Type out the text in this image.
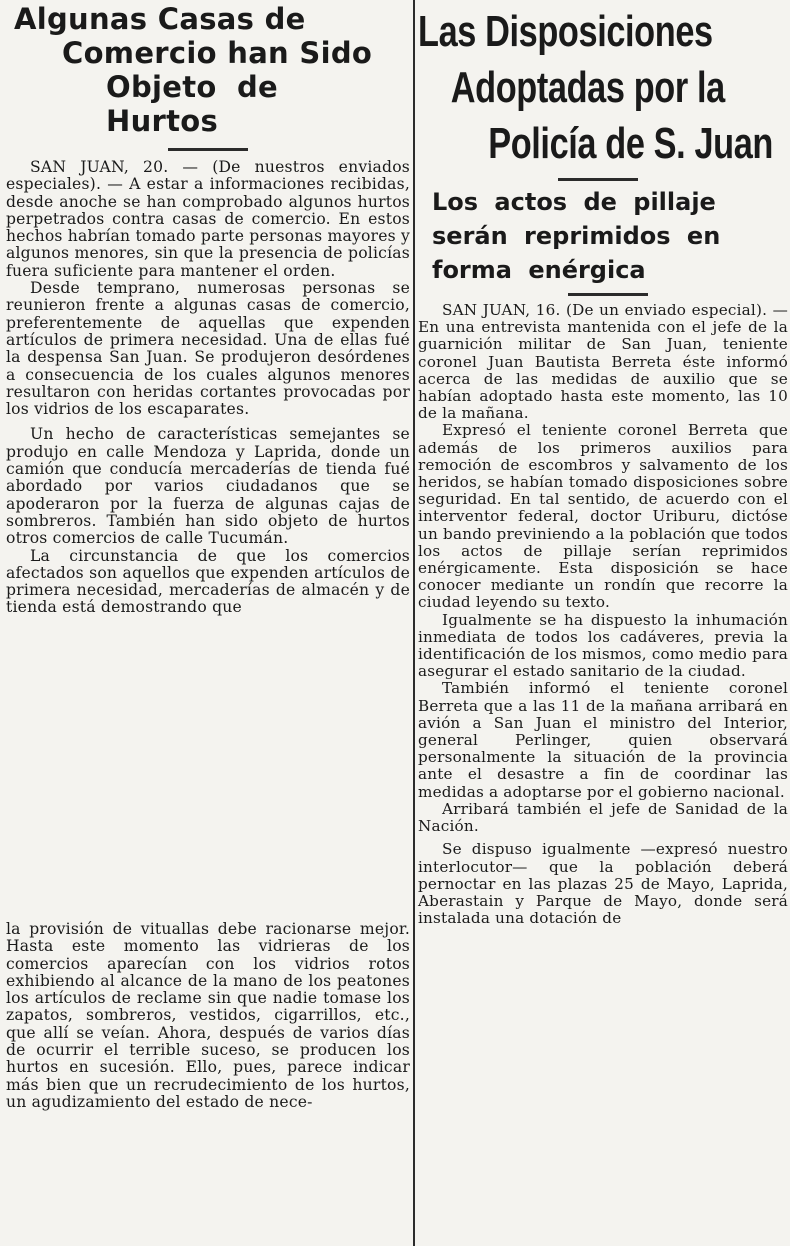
Algunas Casas de
Comercio han Sido
Objeto de Hurtos

SAN JUAN, 20. — (De nuestros enviados especiales). — A estar a informaciones recibidas, desde anoche se han comprobado algunos hurtos perpetrados contra casas de comercio. En estos hechos habrían tomado parte personas mayores y algunos menores, sin que la presencia de policías fuera suficiente para mantener el orden.

Desde temprano, numerosas personas se reunieron frente a algunas casas de comercio, preferentemente de aquellas que expenden artículos de primera necesidad. Una de ellas fué la despensa San Juan. Se produjeron desórdenes a consecuencia de los cuales algunos menores resultaron con heridas cortantes provocadas por los vidrios de los escaparates.

Un hecho de características semejantes se produjo en calle Mendoza y Laprida, donde un camión que conducía mercaderías de tienda fué abordado por varios ciudadanos que se apoderaron por la fuerza de algunas cajas de sombreros. También han sido objeto de hurtos otros comercios de calle Tucumán.

La circunstancia de que los comercios afectados son aquellos que expenden artículos de primera necesidad, mercaderías de almacén y de tienda está demostrando que

la provisión de vituallas debe racionarse mejor. Hasta este momento las vidrieras de los comercios aparecían con los vidrios rotos exhibiendo al alcance de la mano de los peatones los artículos de reclame sin que nadie tomase los zapatos, sombreros, vestidos, cigarrillos, etc., que allí se veían. Ahora, después de varios días de ocurrir el terrible suceso, se producen los hurtos en sucesión. Ello, pues, parece indicar más bien que un recrudecimiento de los hurtos, un agudizamiento del estado de nece-

Las Disposiciones
Adoptadas por la
Policía de S. Juan
Los actos de pillaje
serán reprimidos en
forma enérgica

SAN JUAN, 16. (De un enviado especial). — En una entrevista mantenida con el jefe de la guarnición militar de San Juan, teniente coronel Juan Bautista Berreta éste informó acerca de las medidas de auxilio que se habían adoptado hasta este momento, las 10 de la mañana.

Expresó el teniente coronel Berreta que además de los primeros auxilios para remoción de escombros y salvamento de los heridos, se habían tomado disposiciones sobre seguridad. En tal sentido, de acuerdo con el interventor federal, doctor Uriburu, dictóse un bando previniendo a la población que todos los actos de pillaje serían reprimidos enérgicamente. Esta disposición se hace conocer mediante un rondín que recorre la ciudad leyendo su texto.

Igualmente se ha dispuesto la inhumación inmediata de todos los cadáveres, previa la identificación de los mismos, como medio para asegurar el estado sanitario de la ciudad.

También informó el teniente coronel Berreta que a las 11 de la mañana arribará en avión a San Juan el ministro del Interior, general Perlinger, quien observará personalmente la situación de la provincia ante el desastre a fin de coordinar las medidas a adoptarse por el gobierno nacional.

Arribará también el jefe de Sanidad de la Nación.

Se dispuso igualmente —expresó nuestro interlocutor— que la población deberá pernoctar en las plazas 25 de Mayo, Laprida, Aberastain y Parque de Mayo, donde será instalada una dotación de
